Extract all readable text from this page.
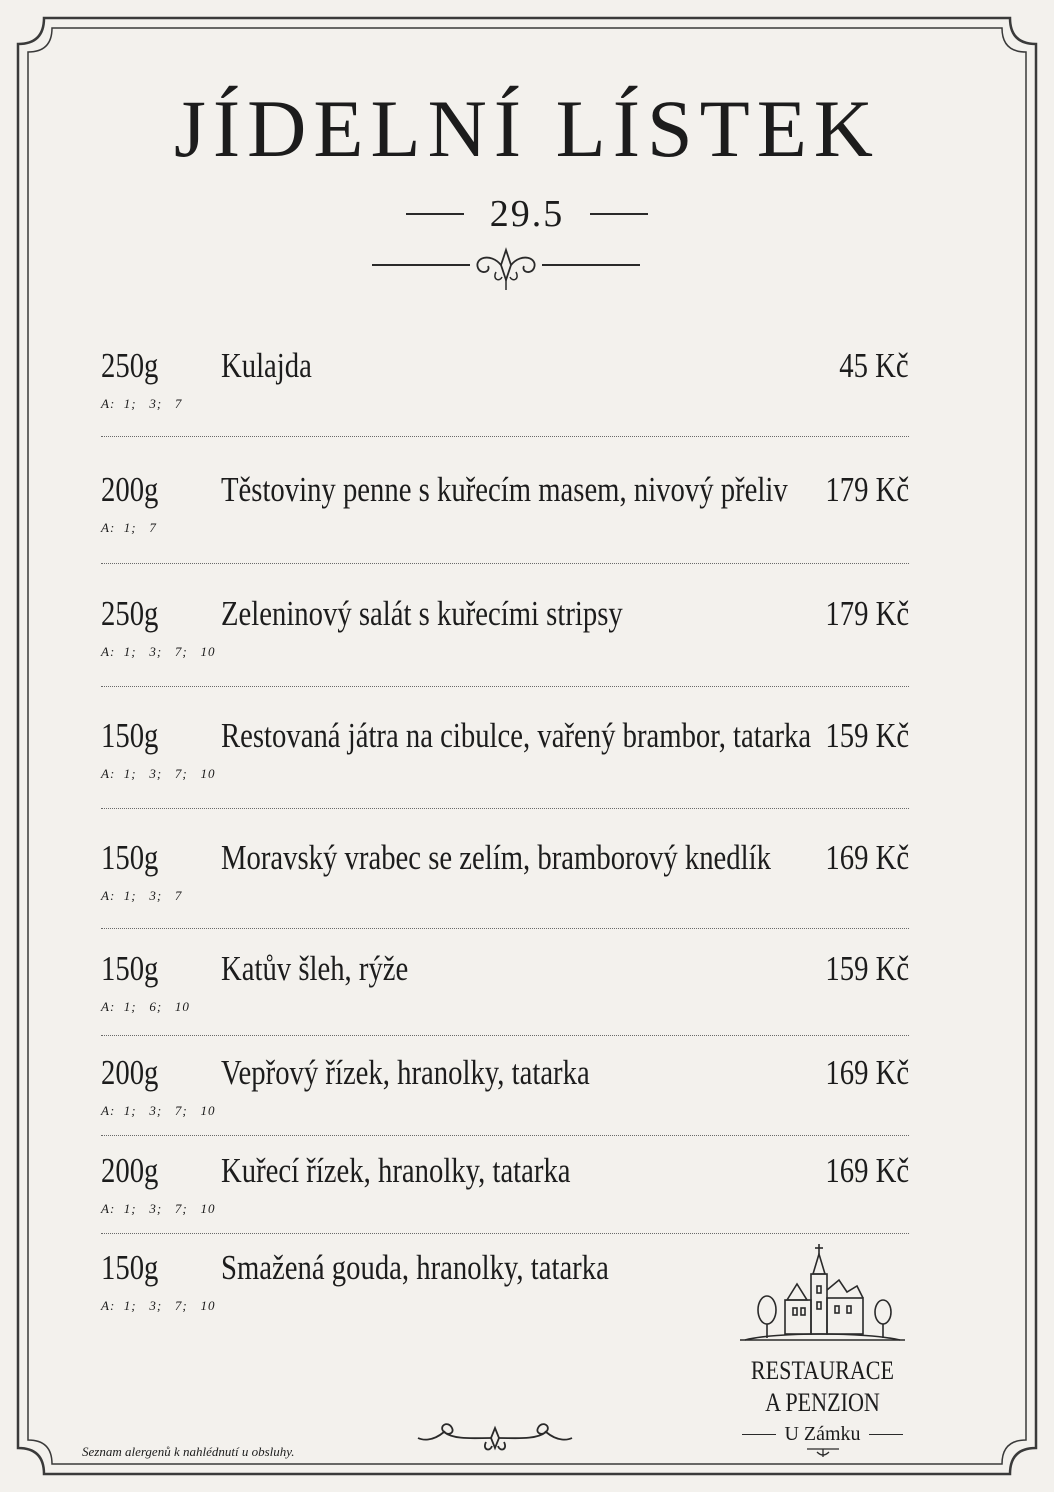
JÍDELNÍ LÍSTEK
29.5
250g Kulajda	45 Kč
A:  1;   3;   7
200g Těstoviny penne s kuřecím masem, nivový přeliv 179 Kč
A:  1;   7
250g Zeleninový salát s kuřecími stripsy	179 Kč
A:  1;   3;   7;   10
150g Restovaná játra na cibulce, vařený brambor, tatarka 159 Kč
A:  1;   3;   7;   10
150g Moravský vrabec se zelím, bramborový knedlík 169 Kč
A:  1;   3;   7
150g Katův šleh, rýže	159 Kč
A:  1;   6;   10
200g Vepřový řízek, hranolky, tatarka	169 Kč
A:  1;   3;   7;   10
200g Kuřecí řízek, hranolky, tatarka	169 Kč
A:  1;   3;   7;   10
150g Smažená gouda, hranolky, tatarka
A:  1;   3;   7;   10
RESTAURACE
A PENZION
U Zámku
Seznam alergenů k nahlédnutí u obsluhy.
